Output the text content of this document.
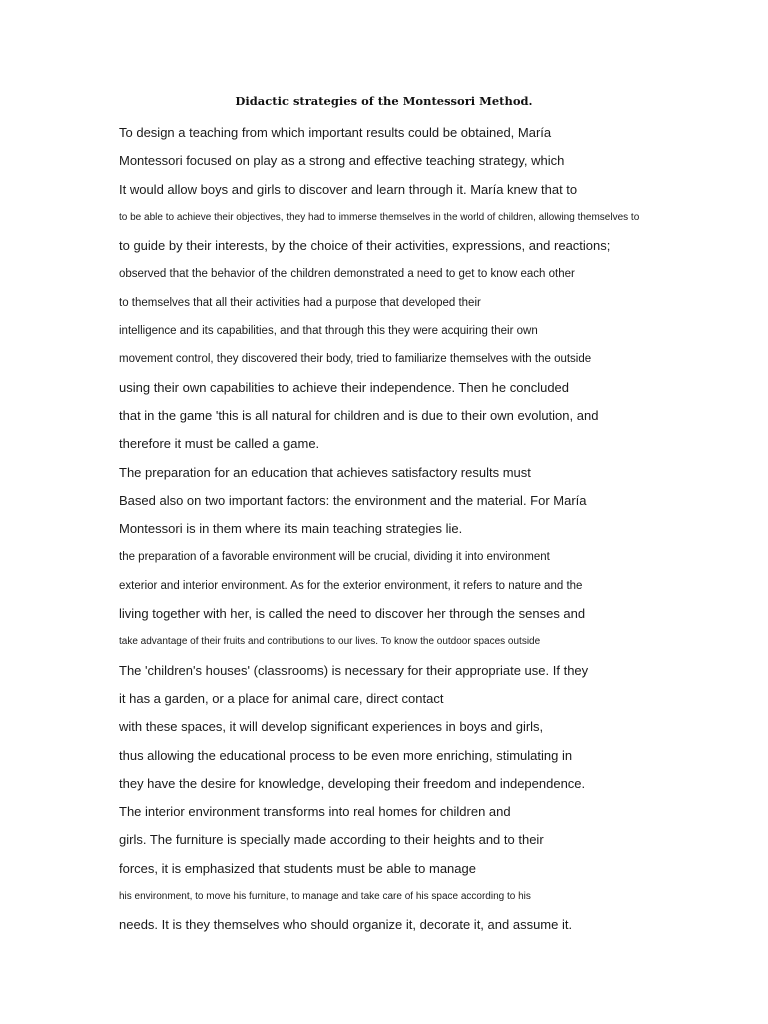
Didactic strategies of the Montessori Method.
To design a teaching from which important results could be obtained, María
Montessori focused on play as a strong and effective teaching strategy, which
It would allow boys and girls to discover and learn through it. María knew that to
to be able to achieve their objectives, they had to immerse themselves in the world of children, allowing themselves to
to guide by their interests, by the choice of their activities, expressions, and reactions;
observed that the behavior of the children demonstrated a need to get to know each other
to themselves that all their activities had a purpose that developed their
intelligence and its capabilities, and that through this they were acquiring their own
movement control, they discovered their body, tried to familiarize themselves with the outside
using their own capabilities to achieve their independence. Then he concluded
that in the game 'this is all natural for children and is due to their own evolution, and
therefore it must be called a game.
The preparation for an education that achieves satisfactory results must
Based also on two important factors: the environment and the material. For María
Montessori is in them where its main teaching strategies lie.
the preparation of a favorable environment will be crucial, dividing it into environment
exterior and interior environment. As for the exterior environment, it refers to nature and the
living together with her, is called the need to discover her through the senses and
take advantage of their fruits and contributions to our lives. To know the outdoor spaces outside
The 'children's houses' (classrooms) is necessary for their appropriate use. If they
it has a garden, or a place for animal care, direct contact
with these spaces, it will develop significant experiences in boys and girls,
thus allowing the educational process to be even more enriching, stimulating in
they have the desire for knowledge, developing their freedom and independence.
The interior environment transforms into real homes for children and
girls. The furniture is specially made according to their heights and to their
forces, it is emphasized that students must be able to manage
his environment, to move his furniture, to manage and take care of his space according to his
needs. It is they themselves who should organize it, decorate it, and assume it.
